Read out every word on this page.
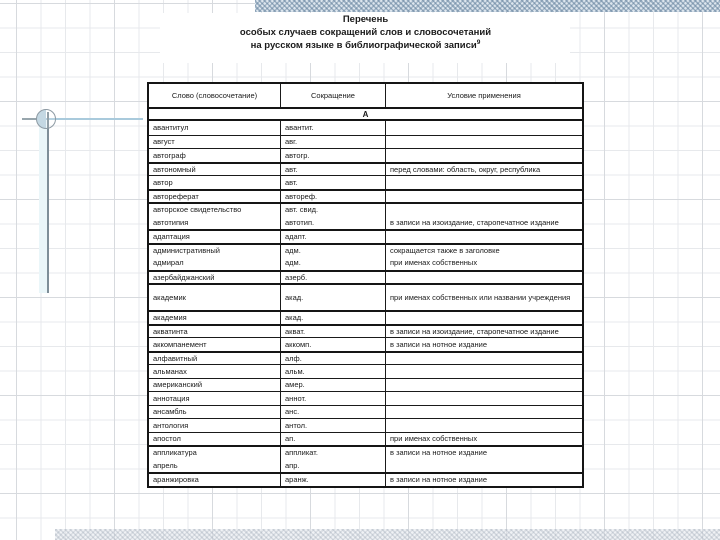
Перечень
особых случаев сокращений слов и словосочетаний
на русском языке в библиографической записи$^9$
Слово (словосочетание)	Сокращение	Условие применения
А
авантитул	авантит.
август	авг.
автограф	автогр.
автономный	авт.	перед словами: область, округ, республика
автор	авт.
автореферат	автореф.
авторское свидетельство	авт. свид.
автотипия	автотип.	в записи на изоиздание, старопечатное издание
адаптация	адапт.
административный	адм.	сокращается также в заголовке
адмирал	адм.	при именах собственных
азербайджанский	азерб.
академик	акад.	при именах собственных или названии учреждения
академия	акад.
акватинта	акват.	в записи на изоиздание, старопечатное издание
аккомпанемент	аккомп.	в записи на нотное издание
алфавитный	алф.
альманах	альм.
американский	амер.
аннотация	аннот.
ансамбль	анс.
антология	антол.
апостол	ап.	при именах собственных
аппликатура	аппликат.	в записи на нотное издание
апрель	апр.
аранжировка	аранж.	в записи на нотное издание
